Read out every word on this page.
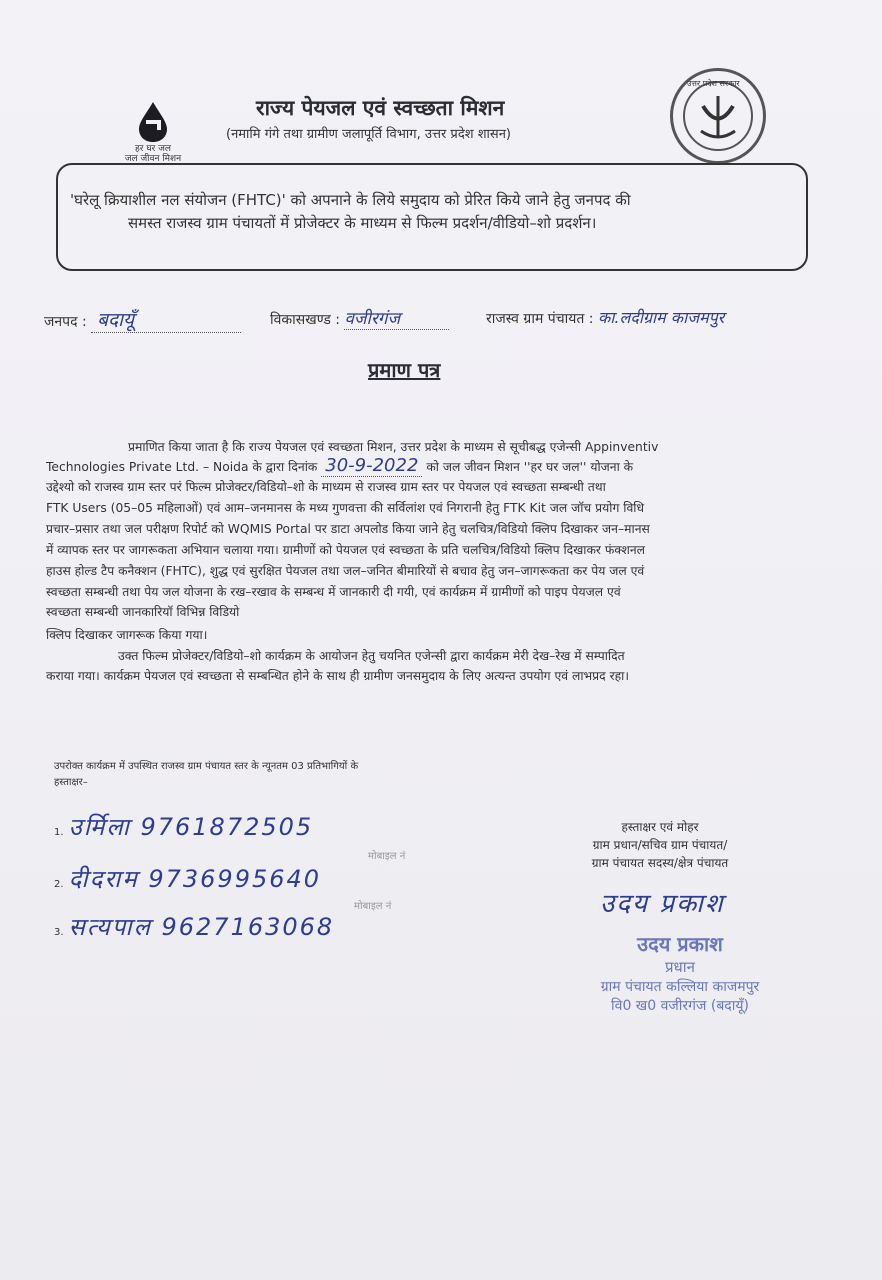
हर घर जल
जल जीवन मिशन
उत्तर प्रदेश सरकार
राज्य पेयजल एवं स्वच्छता मिशन
(नमामि गंगे तथा ग्रामीण जलापूर्ति विभाग, उत्तर प्रदेश शासन)
'घरेलू क्रियाशील नल संयोजन (FHTC)' को अपनाने के लिये समुदाय को प्रेरित किये जाने हेतु जनपद की
समस्त राजस्व ग्राम पंचायतों में प्रोजेक्टर के माध्यम से फिल्म प्रदर्शन/वीडियो–शो प्रदर्शन।
जनपद : बदायूँ	विकासखण्ड : वजीरगंज	राजस्व ग्राम पंचायत : का.लदीग्राम काजमपुर
प्रमाण पत्र
प्रमाणित किया जाता है कि राज्य पेयजल एवं स्वच्छता मिशन, उत्तर प्रदेश के माध्यम से सूचीबद्ध एजेन्सी Appinventiv
Technologies Private Ltd. – Noida के द्वारा दिनांक 30-9-2022 को जल जीवन मिशन ''हर घर जल'' योजना के
उद्देश्यो को राजस्व ग्राम स्तर परं फिल्म प्रोजेक्टर/विडियो–शो के माध्यम से राजस्व ग्राम स्तर पर पेयजल एवं स्वच्छता सम्बन्धी तथा
FTK Users (05–05 महिलाओं) एवं आम–जनमानस के मध्य गुणवत्ता की सर्विलांश एवं निगरानी हेतु FTK Kit जल जॉच प्रयोग विधि
प्रचार–प्रसार तथा जल परीक्षण रिपोर्ट को WQMIS Portal पर डाटा अपलोड किया जाने हेतु चलचित्र/विडियो क्लिप दिखाकर जन–मानस
में व्यापक स्तर पर जागरूकता अभियान चलाया गया। ग्रामीणों को पेयजल एवं स्वच्छता के प्रति चलचित्र/विडियो क्लिप दिखाकर फंक्शनल
हाउस होल्ड टैप कनैक्शन (FHTC), शुद्ध एवं सुरक्षित पेयजल तथा जल–जनित बीमारियों से बचाव हेतु जन–जागरूकता कर पेय जल एवं
स्वच्छता सम्बन्धी तथा पेय जल योजना के रख–रखाव के सम्बन्ध में जानकारी दी गयी, एवं कार्यक्रम में ग्रामीणों को पाइप पेयजल एवं
स्वच्छता सम्बन्धी जानकारियॉ विभिन्न विडियो
क्लिप दिखाकर जागरूक किया गया।
उक्त फिल्म प्रोजेक्टर/विडियो–शो कार्यक्रम के आयोजन हेतु चयनित एजेन्सी द्वारा कार्यक्रम मेरी देख–रेख में सम्पादित
कराया गया। कार्यक्रम पेयजल एवं स्वच्छता से सम्बन्धित होने के साथ ही ग्रामीण जनसमुदाय के लिए अत्यन्त उपयोग एवं लाभप्रद रहा।
उपरोक्त कार्यक्रम में उपस्थित राजस्व ग्राम पंचायत स्तर के न्यूनतम 03 प्रतिभागियों के
हस्ताक्षर–
1. उर्मिला 9761872505
मोबाइल नं
2. दीदराम 9736995640
मोबाइल नं
3. सत्यपाल 9627163068
हस्ताक्षर एवं मोहर
ग्राम प्रधान/सचिव ग्राम पंचायत/
ग्राम पंचायत सदस्य/क्षेत्र पंचायत
उदय प्रकाश
उदय प्रकाश
प्रधान
ग्राम पंचायत कल्लिया काजमपुर
वि0 ख0 वजीरगंज (बदायूँ)
